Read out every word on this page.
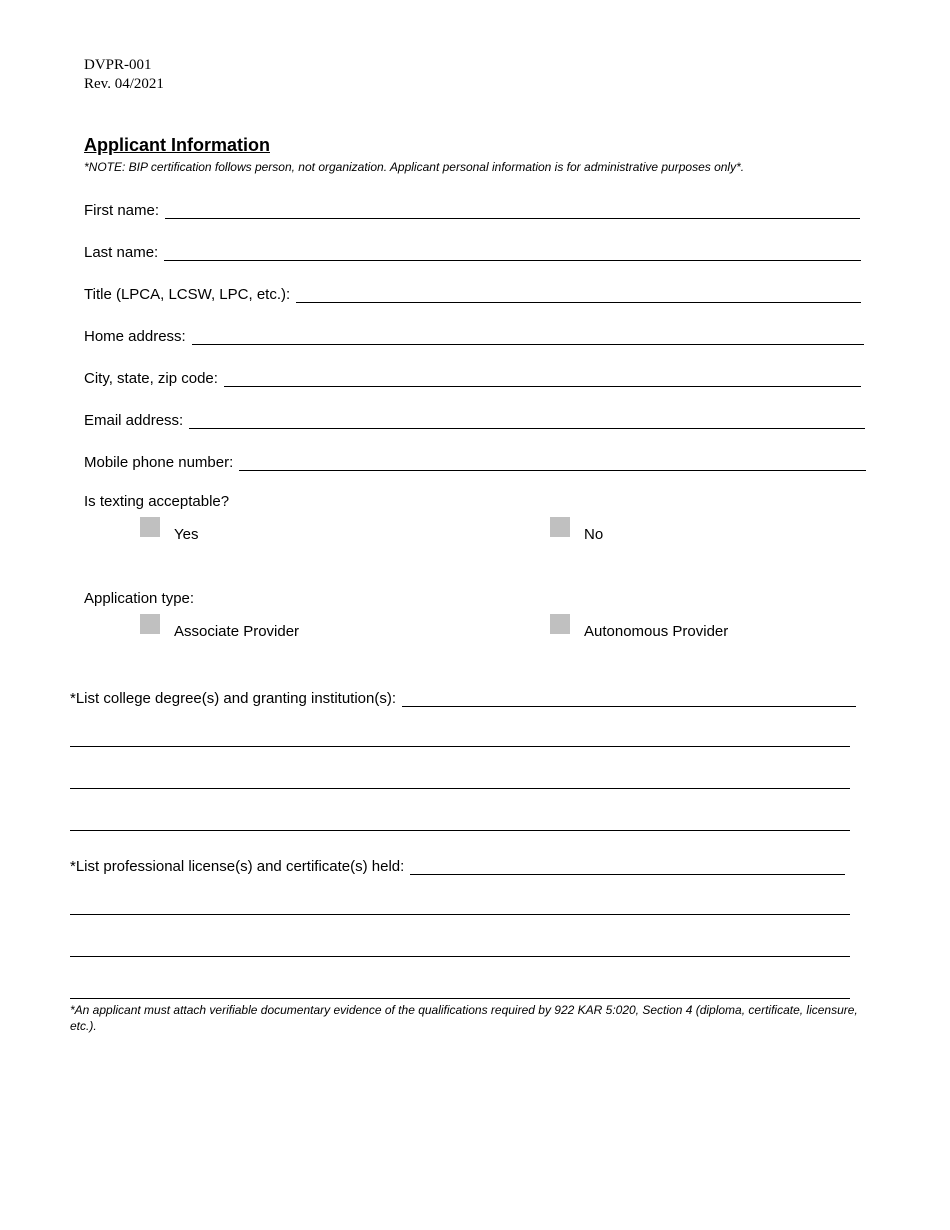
DVPR-001
Rev. 04/2021
Applicant Information
*NOTE: BIP certification follows person, not organization. Applicant personal information is for administrative purposes only*.
First name:
Last name:
Title (LPCA, LCSW, LPC, etc.):
Home address:
City, state, zip code:
Email address:
Mobile phone number:
Is texting acceptable?
Yes	No
Application type:
Associate Provider	Autonomous Provider
*List college degree(s) and granting institution(s):
*List professional license(s) and certificate(s) held:
*An applicant must attach verifiable documentary evidence of the qualifications required by 922 KAR 5:020, Section 4 (diploma, certificate, licensure, etc.).
